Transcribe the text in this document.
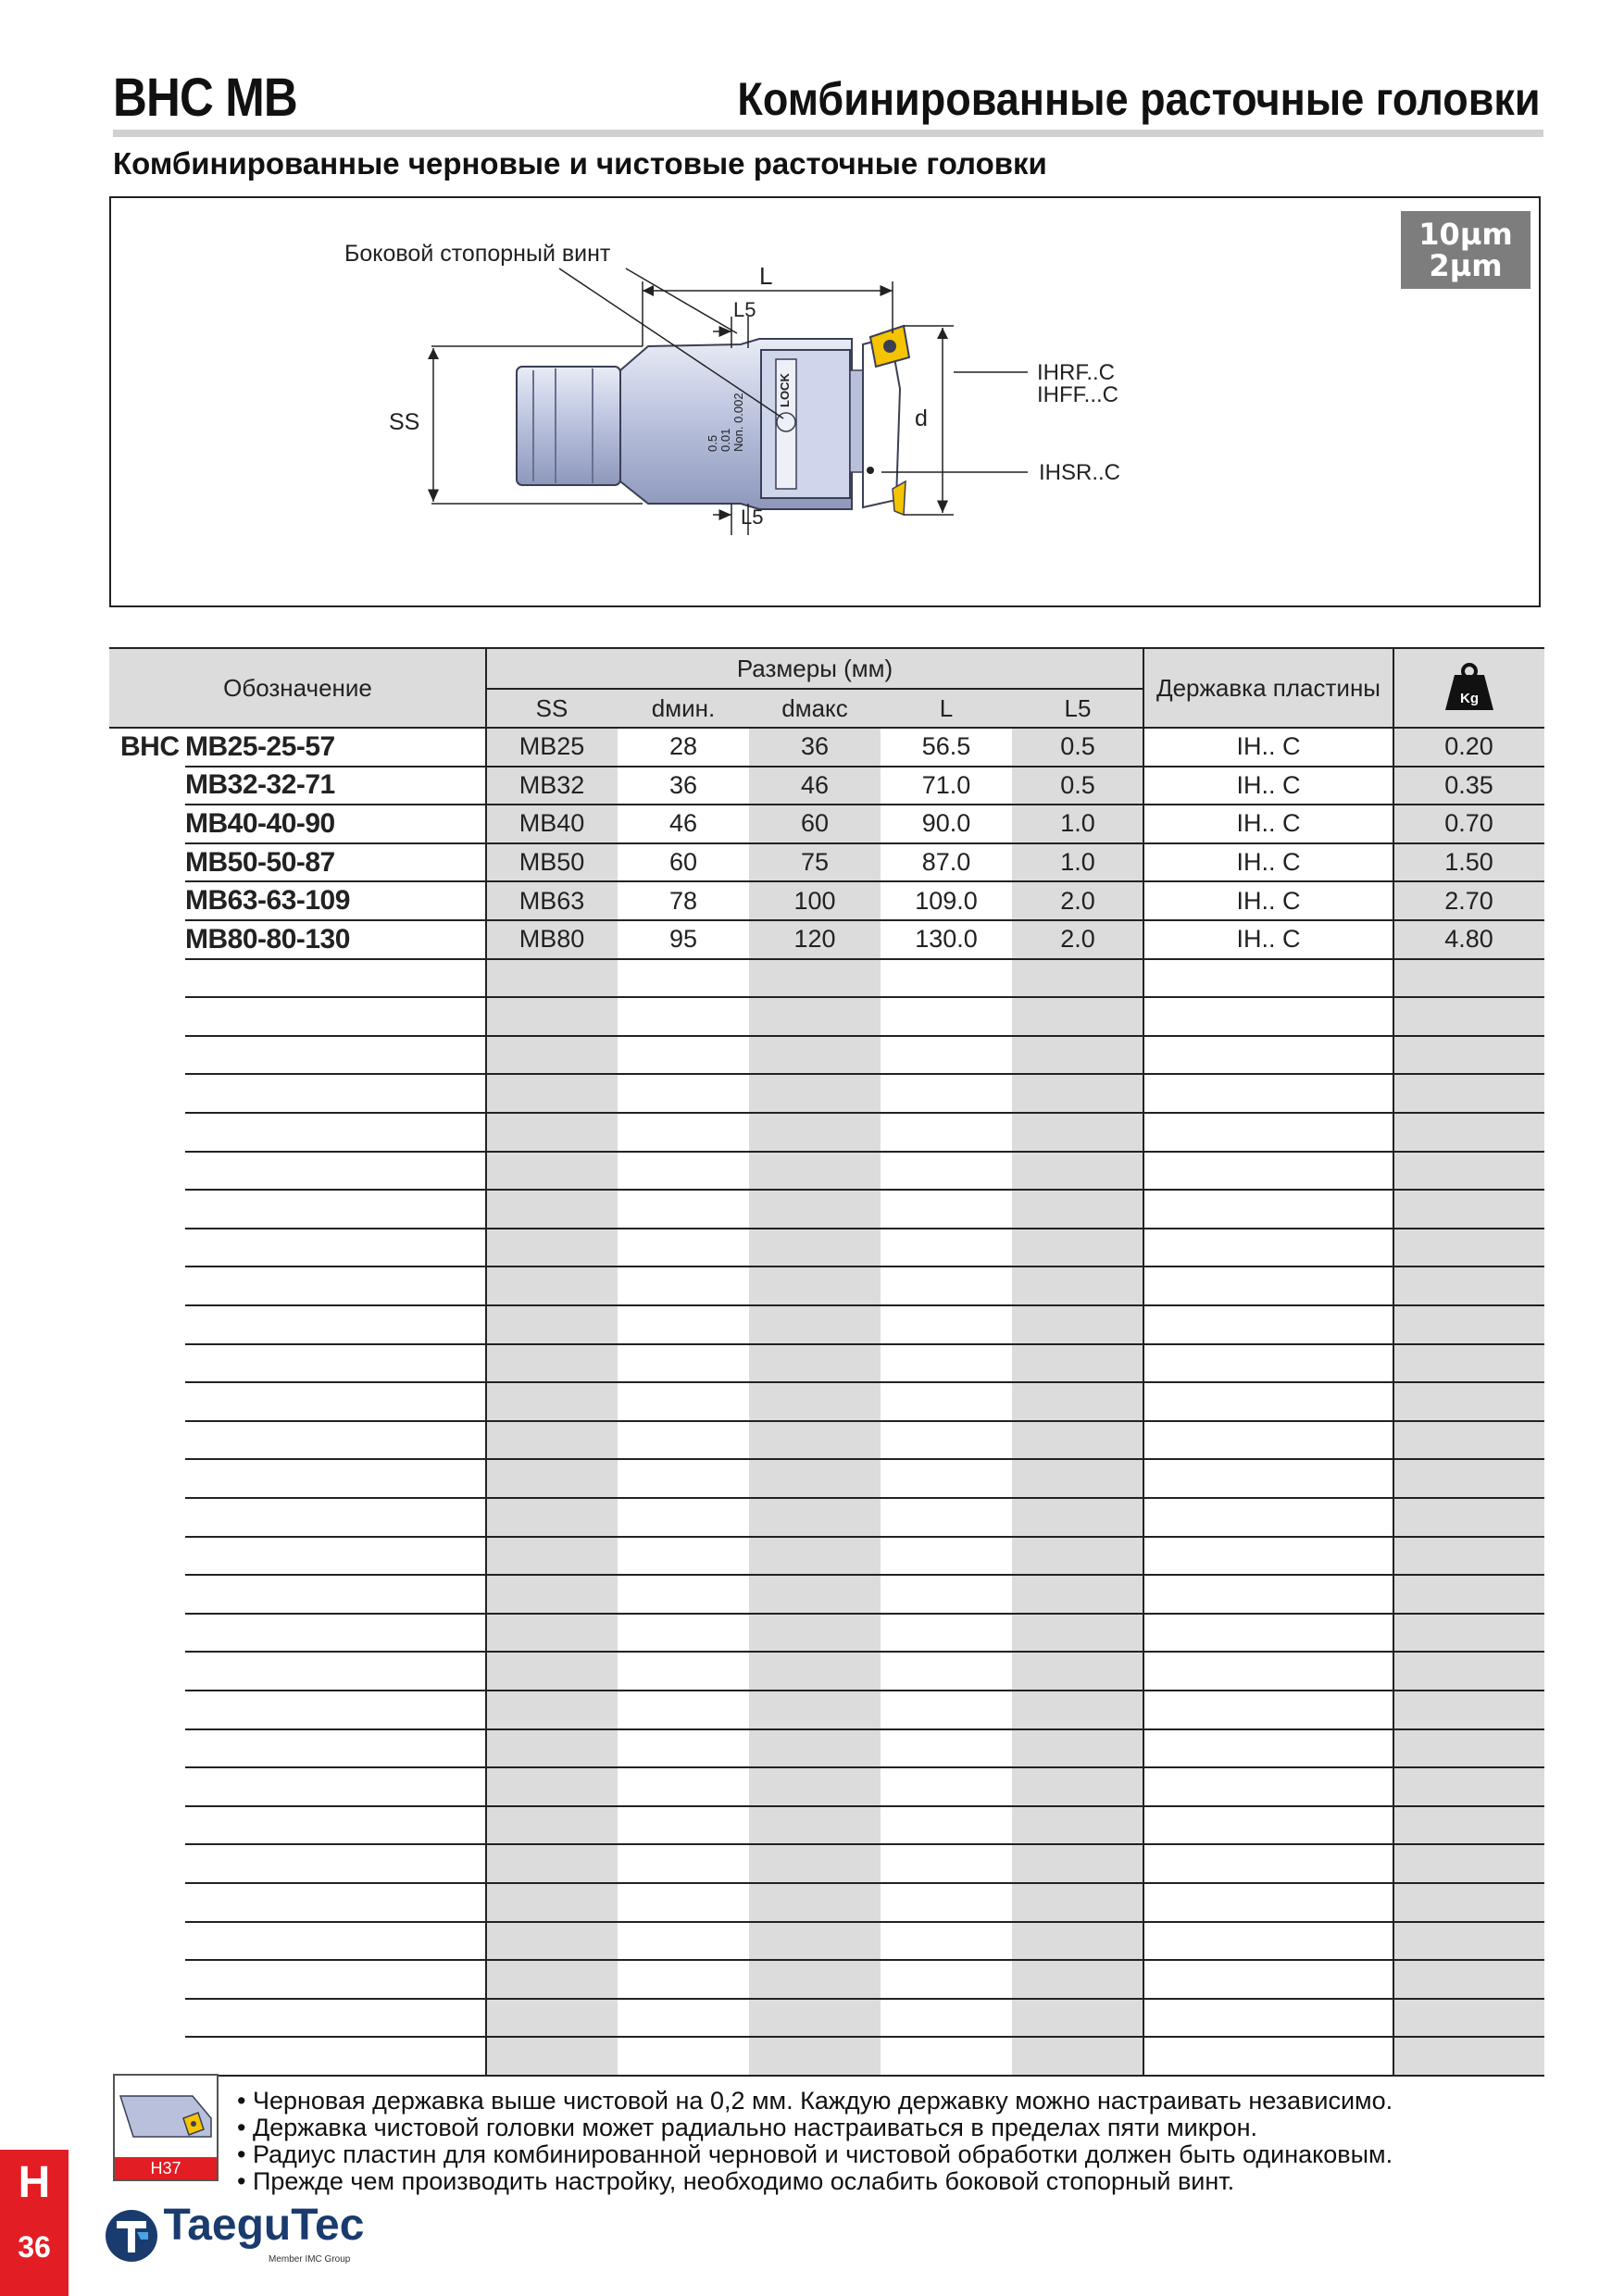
BHC MB	Комбинированные расточные головки
Комбинированные черновые и чистовые расточные головки
10µm
2µm
Боковой стопорный винт
L
L5
L5
SS	d
IHRF..C
IHFF...C
IHSR..C
0.5 0.01 Non. 0.002
LOCK
Обозначение
Размеры (мм)
SS	dмин.	dмакс	L	L5
Державка пластины	Kg
BHC MB25-25-57	MB25	28	36	56.5	0.5	IH.. C	0.20
MB32-32-71	MB32	36	46	71.0	0.5	IH.. C	0.35
MB40-40-90	MB40	46	60	90.0	1.0	IH.. C	0.70
MB50-50-87	MB50	60	75	87.0	1.0	IH.. C	1.50
MB63-63-109	MB63	78	100	109.0	2.0	IH.. C	2.70
MB80-80-130	MB80	95	120	130.0	2.0	IH.. C	4.80
H37
• Черновая державка выше чистовой на 0,2 мм. Каждую державку можно настраивать независимо.
• Державка чистовой головки может радиально настраиваться в пределах пяти микрон.
• Радиус пластин для комбинированной черновой и чистовой обработки должен быть одинаковым.
• Прежде чем производить настройку, необходимо ослабить боковой стопорный винт.
H
36	TaeguTec
Member IMC Group
